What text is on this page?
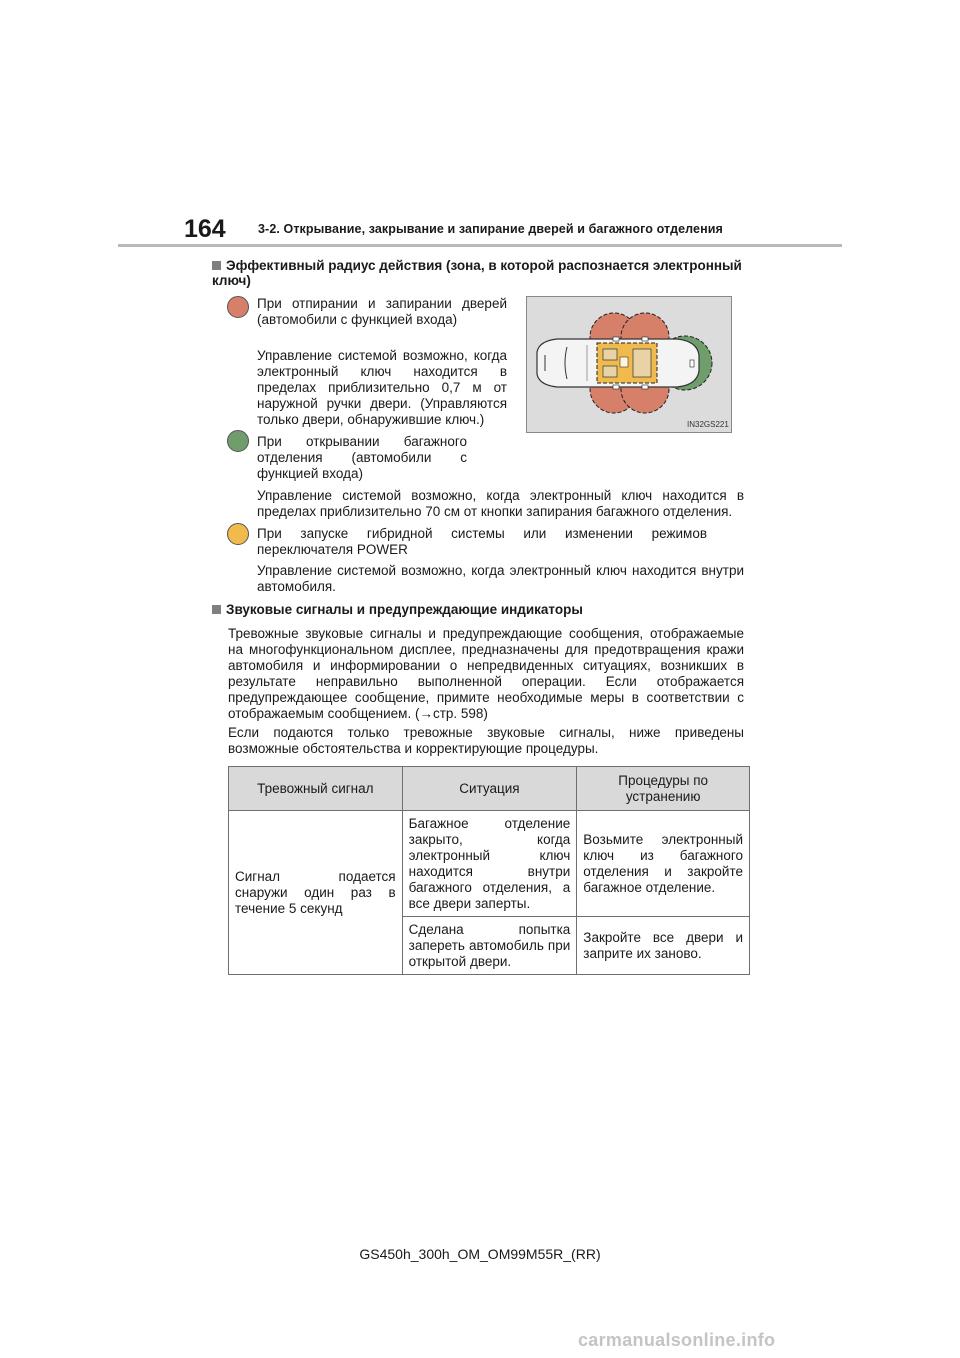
164	3-2. Открывание, закрывание и запирание дверей и багажного отделения
Эффективный радиус действия (зона, в которой распознается электронный ключ)
При отпирании и запирании дверей (автомобили с функцией входа)
Управление системой возможно, когда электронный ключ находится в пределах приблизительно 0,7 м от наружной ручки двери. (Управляются только двери, обнаружившие ключ.)	IN32GS221
При открывании багажного отделения (автомобили с функцией входа)
Управление системой возможно, когда электронный ключ находится в пределах приблизительно 70 см от кнопки запирания багажного отделения.
При запуске гибридной системы или изменении режимов переключателя POWER
Управление системой возможно, когда электронный ключ находится внутри автомобиля.
Звуковые сигналы и предупреждающие индикаторы
Тревожные звуковые сигналы и предупреждающие сообщения, отображаемые на многофункциональном дисплее, предназначены для предотвращения кражи автомобиля и информировании о непредвиденных ситуациях, возникших в результате неправильно выполненной операции. Если отображается предупреждающее сообщение, примите необходимые меры в соответствии с отображаемым сообщением. (→стр. 598)
Если подаются только тревожные звуковые сигналы, ниже приведены возможные обстоятельства и корректирующие процедуры.
Тревожный сигнал	Ситуация	Процедуры по устранению
Сигнал подается снаружи один раз в течение 5 секунд	Багажное отделение закрыто, когда электронный ключ находится внутри багажного отделения, а все двери заперты.	Возьмите электронный ключ из багажного отделения и закройте багажное отделение.
	Сделана попытка запереть автомобиль при открытой двери.	Закройте все двери и заприте их заново.
GS450h_300h_OM_OM99M55R_(RR)
carmanualsonline.info
